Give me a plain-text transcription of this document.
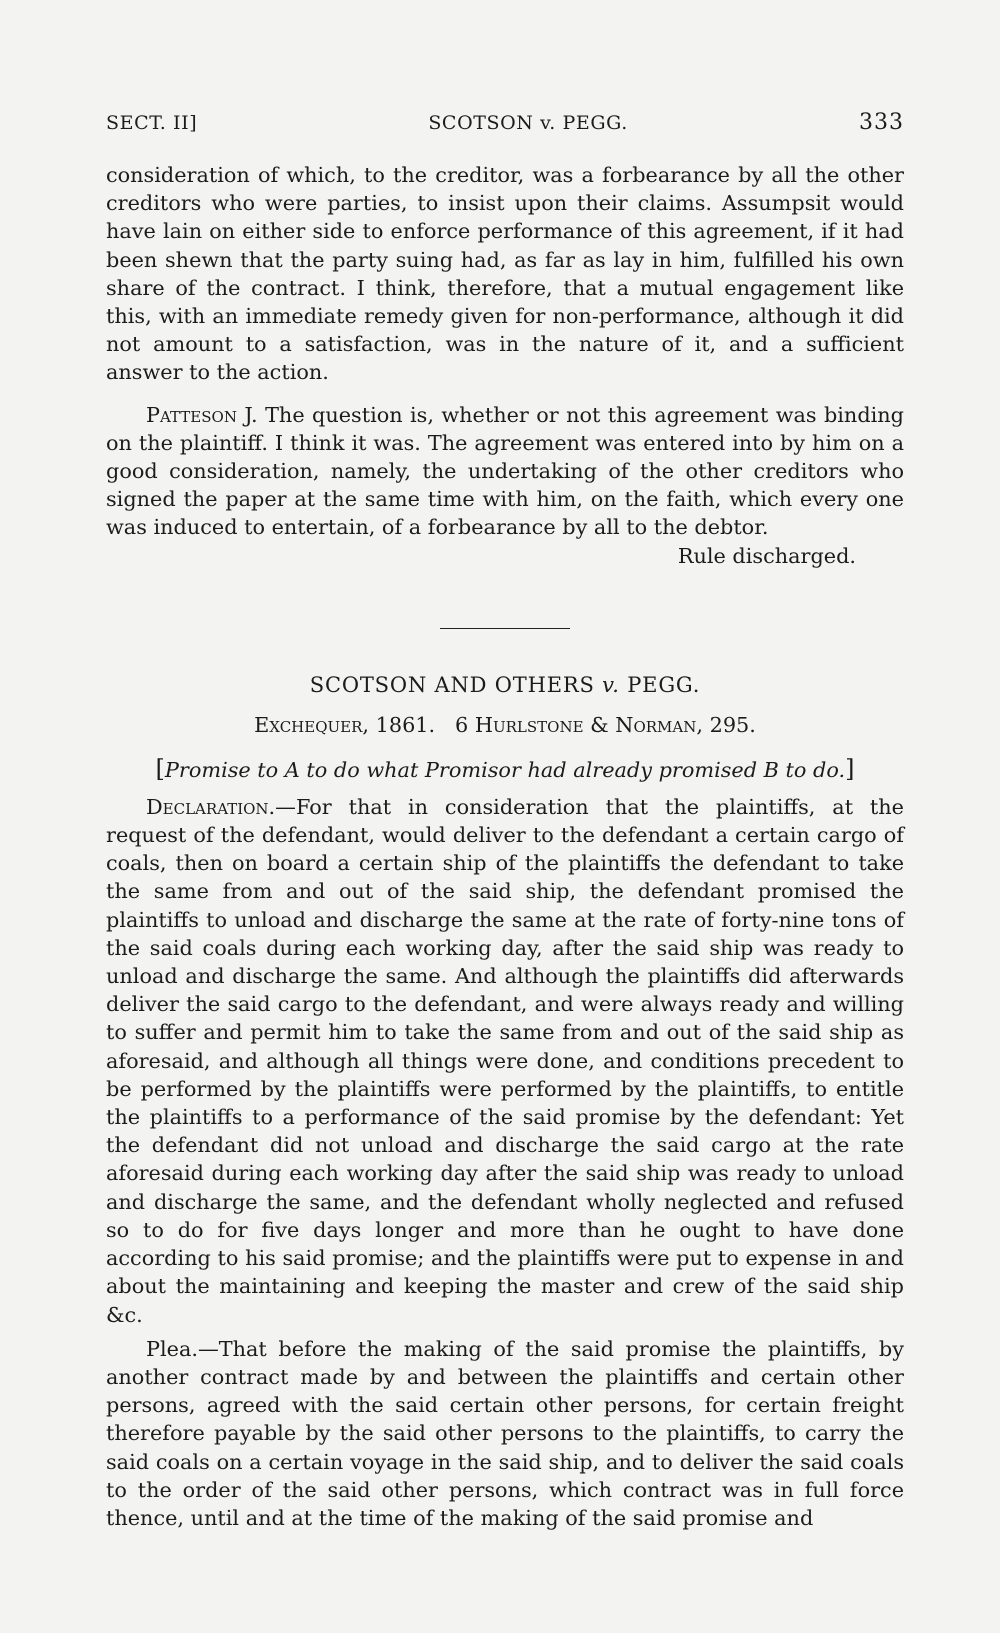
SECT. II]	SCOTSON v. PEGG.	333

consideration of which, to the creditor, was a forbearance by all the other creditors who were parties, to insist upon their claims. Assumpsit would have lain on either side to enforce performance of this agreement, if it had been shewn that the party suing had, as far as lay in him, fulfilled his own share of the contract. I think, therefore, that a mutual engagement like this, with an immediate remedy given for non-performance, although it did not amount to a satisfaction, was in the nature of it, and a sufficient answer to the action.

Patteson J. The question is, whether or not this agreement was binding on the plaintiff. I think it was. The agreement was entered into by him on a good consideration, namely, the undertaking of the other creditors who signed the paper at the same time with him, on the faith, which every one was induced to entertain, of a forbearance by all to the debtor.

Rule discharged.
SCOTSON AND OTHERS v. PEGG.
Exchequer, 1861. 6 Hurlstone & Norman, 295.
[Promise to A to do what Promisor had already promised B to do.]

Declaration.—For that in consideration that the plaintiffs, at the request of the defendant, would deliver to the defendant a certain cargo of coals, then on board a certain ship of the plaintiffs the defendant to take the same from and out of the said ship, the defendant promised the plaintiffs to unload and discharge the same at the rate of forty-nine tons of the said coals during each working day, after the said ship was ready to unload and discharge the same. And although the plaintiffs did afterwards deliver the said cargo to the defendant, and were always ready and willing to suffer and permit him to take the same from and out of the said ship as aforesaid, and although all things were done, and conditions precedent to be performed by the plaintiffs were performed by the plaintiffs, to entitle the plaintiffs to a performance of the said promise by the defendant: Yet the defendant did not unload and discharge the said cargo at the rate aforesaid during each working day after the said ship was ready to unload and discharge the same, and the defendant wholly neglected and refused so to do for five days longer and more than he ought to have done according to his said promise; and the plaintiffs were put to expense in and about the maintaining and keeping the master and crew of the said ship &c.

Plea.—That before the making of the said promise the plaintiffs, by another contract made by and between the plaintiffs and certain other persons, agreed with the said certain other persons, for certain freight therefore payable by the said other persons to the plaintiffs, to carry the said coals on a certain voyage in the said ship, and to deliver the said coals to the order of the said other persons, which contract was in full force thence, until and at the time of the making of the said promise and
